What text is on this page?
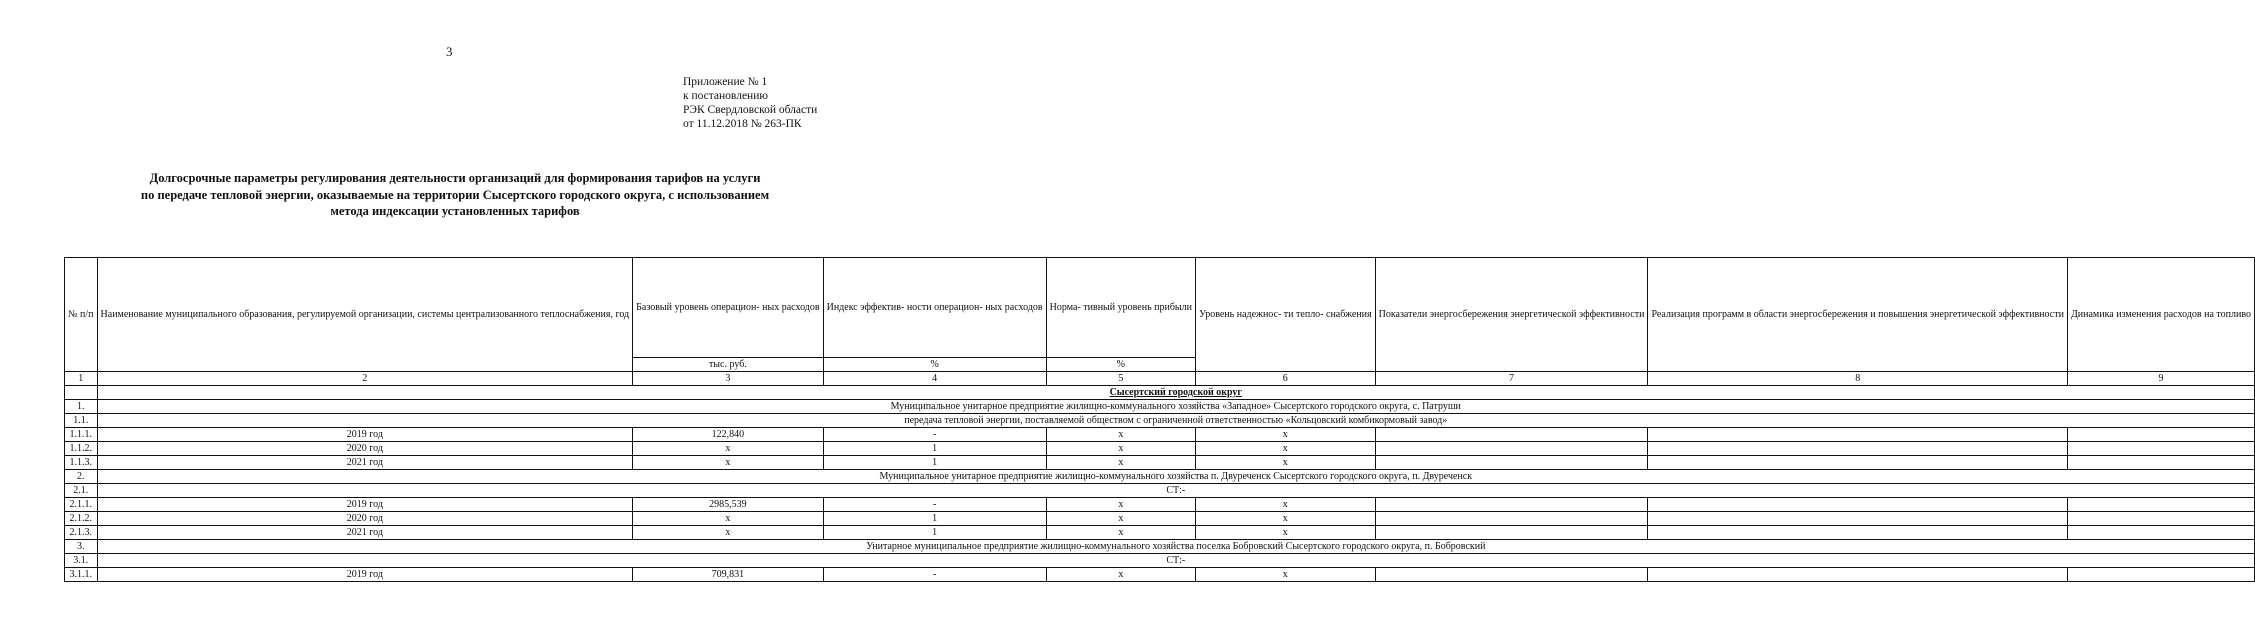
3
Приложение № 1
к постановлению
РЭК Свердловской области
от 11.12.2018 № 263-ПК
Долгосрочные параметры регулирования деятельности организаций для формирования тарифов на услуги
по передаче тепловой энергии, оказываемые на территории Сысертского городского округа, с использованием
метода индексации установленных тарифов
№ п/п	Наименование муниципального образования, регулируемой организации, системы централизованного теплоснабжения, год	Базовый уровень операцион- ных расходов	Индекс эффектив- ности операцион- ных расходов	Норма- тивный уровень прибыли	Уровень надежнос- ти тепло- снабжения	Показатели энергосбережения энергетической эффективности	Реализация программ в области энергосбережения и повышения энергетической эффективности	Динамика изменения расходов на топливо
		тыс. руб.	%	%				
1	2	3	4	5	6	7	8	9
	Сысертский городской округ							
1.	Муниципальное унитарное предприятие жилищно-коммунального хозяйства «Западное» Сысертского городского округа, с. Патруши							
1.1.	передача тепловой энергии, поставляемой обществом с ограниченной ответственностью «Кольцовский комбикормовый завод»							
1.1.1.	2019 год	122,840	-	х	х			
1.1.2.	2020 год	х	1	х	х			
1.1.3.	2021 год	х	1	х	х			
2.	Муниципальное унитарное предприятие жилищно-коммунального хозяйства п. Двуреченск Сысертского городского округа, п. Двуреченск							
2.1.	СТ:-							
2.1.1.	2019 год	2985,539	-	х	х			
2.1.2.	2020 год	х	1	х	х			
2.1.3.	2021 год	х	1	х	х			
3.	Унитарное муниципальное предприятие жилищно-коммунального хозяйства поселка Бобровский Сысертского городского округа, п. Бобровский							
3.1.	СТ:-							
3.1.1.	2019 год	709,831	-	х	х			
